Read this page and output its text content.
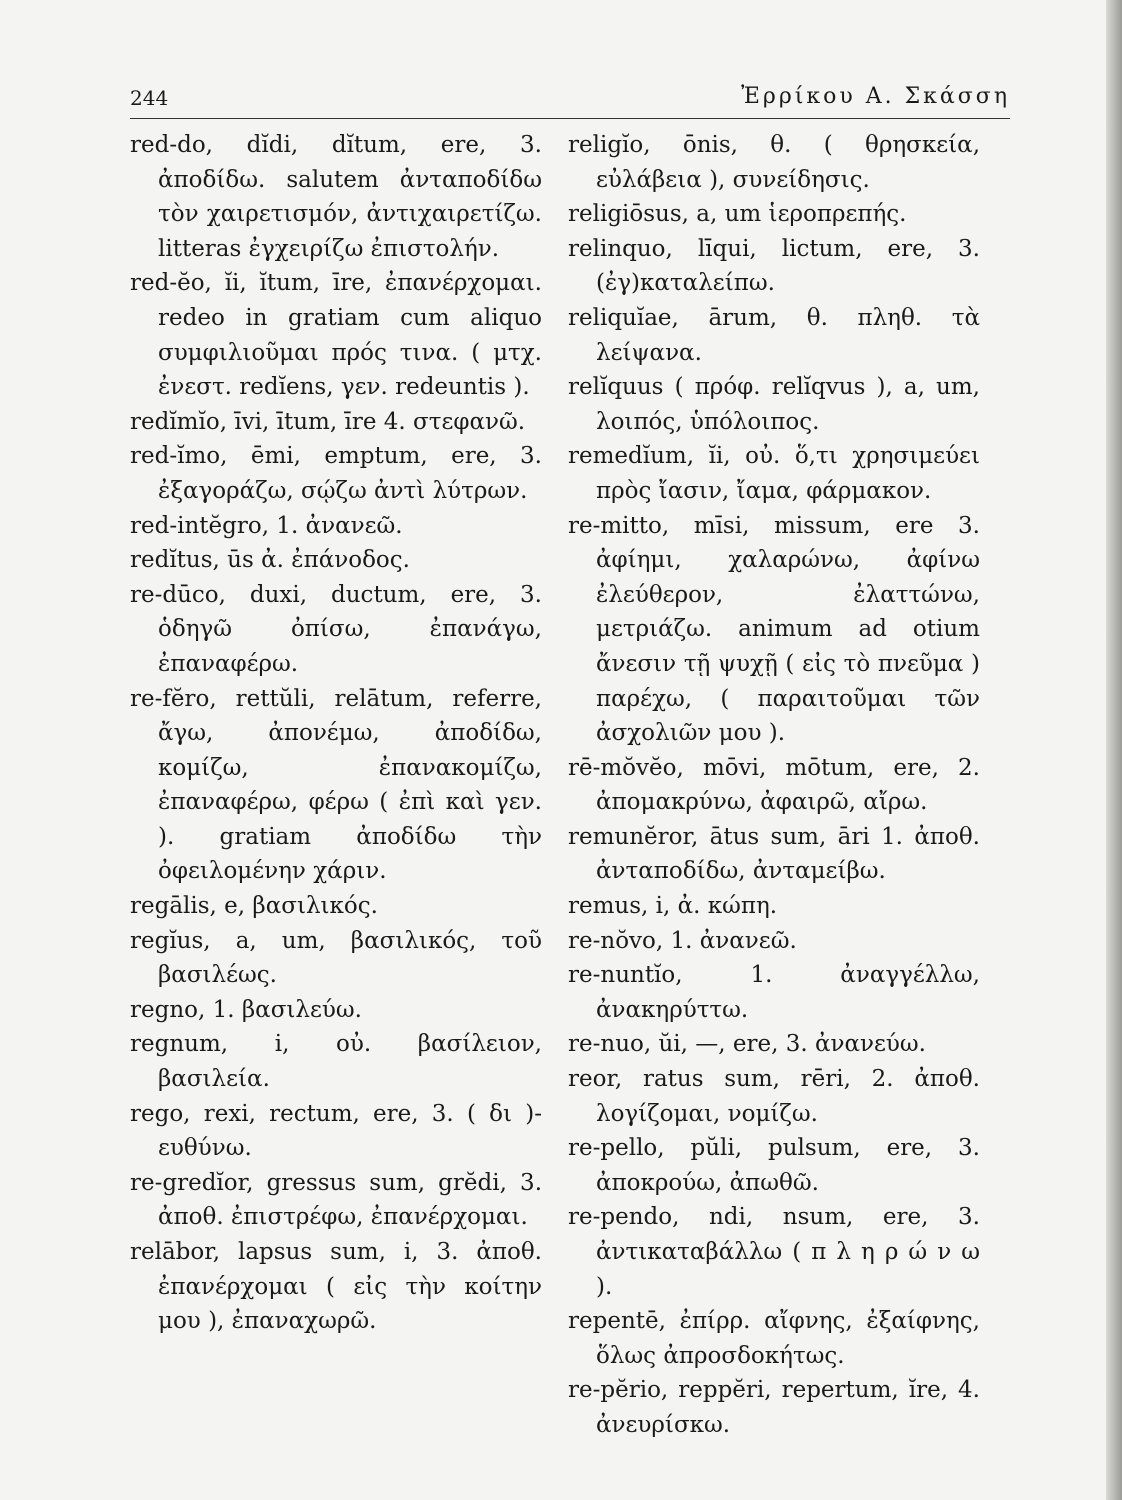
244	Ἐρρίκου Α. Σκάσση

red-do, dĭdi, dĭtum, ere, 3. ἀποδίδω. salutem ἀνταποδίδω τὸν χαιρετισμόν, ἀντιχαιρετίζω. litteras ἐγχειρίζω ἐπιστολήν.

red-ĕo, ĭi, ĭtum, īre, ἐπανέρχομαι. redeo in gratiam cum aliquo συμφιλιοῦμαι πρός τινα. ( μτχ. ἐνεστ. redĭens, γεν. redeuntis ).

redĭmĭo, īvi, ītum, īre 4. στεφανῶ.

red-ĭmo, ēmi, emptum, ere, 3. ἐξαγοράζω, σῴζω ἀντὶ λύτρων.

red-intĕgro, 1. ἀνανεῶ.

redĭtus, ūs ἀ. ἐπάνοδος.

re-dūco, duxi, ductum, ere, 3. ὁδηγῶ ὀπίσω, ἐπανάγω, ἐπαναφέρω.

re-fĕro, rettŭli, relātum, referre, ἄγω, ἀπονέμω, ἀποδίδω, κομίζω, ἐπανακομίζω, ἐπαναφέρω, φέρω ( ἐπὶ καὶ γεν. ). gratiam ἀποδίδω τὴν ὀφειλομένην χάριν.

regālis, e, βασιλικός.

regĭus, a, um, βασιλικός, τοῦ βασιλέως.

regno, 1. βασιλεύω.

regnum, i, οὐ. βασίλειον, βασιλεία.

rego, rexi, rectum, ere, 3. ( δι )-ευθύνω.

re-gredĭor, gressus sum, grĕdi, 3. ἀποθ. ἐπιστρέφω, ἐπανέρχομαι.

relābor, lapsus sum, i, 3. ἀποθ. ἐπανέρχομαι ( εἰς τὴν κοίτην μου ), ἐπαναχωρῶ.

religĭo, ōnis, θ. ( θρησκεία, εὐλάβεια ), συνείδησις.

religiōsus, a, um ἱεροπρεπής.

relinquo, līqui, lictum, ere, 3. (ἐγ)καταλείπω.

reliquĭae, ārum, θ. πληθ. τὰ λείψανα.

relĭquus ( πρόφ. relĭqvus ), a, um, λοιπός, ὑπόλοιπος.

remedĭum, ĭi, οὐ. ὅ,τι χρησιμεύει πρὸς ἴασιν, ἴαμα, φάρμακον.

re-mitto, mīsi, missum, ere 3. ἀφίημι, χαλαρώνω, ἀφίνω ἐλεύθερον, ἐλαττώνω, μετριάζω. animum ad otium ἄνεσιν τῇ ψυχῇ ( εἰς τὸ πνεῦμα ) παρέχω, ( παραιτοῦμαι τῶν ἀσχολιῶν μου ).

rē-mŏvĕo, mōvi, mōtum, ere, 2. ἀπομακρύνω, ἀφαιρῶ, αἴρω.

remunĕror, ātus sum, āri 1. ἀποθ. ἀνταποδίδω, ἀνταμείβω.

remus, i, ἀ. κώπη.

re-nŏvo, 1. ἀνανεῶ.

re-nuntĭo, 1. ἀναγγέλλω, ἀνακηρύττω.

re-nuo, ŭi, —, ere, 3. ἀνανεύω.

reor, ratus sum, rēri, 2. ἀποθ. λογίζομαι, νομίζω.

re-pello, pŭli, pulsum, ere, 3. ἀποκρούω, ἀπωθῶ.

re-pendo, ndi, nsum, ere, 3. ἀντικαταβάλλω ( π λ η ρ ώ ν ω ).

repentē, ἐπίρρ. αἴφνης, ἐξαίφνης, ὅλως ἀπροσδοκήτως.

re-pĕrio, reppĕri, repertum, ĭre, 4. ἀνευρίσκω.
